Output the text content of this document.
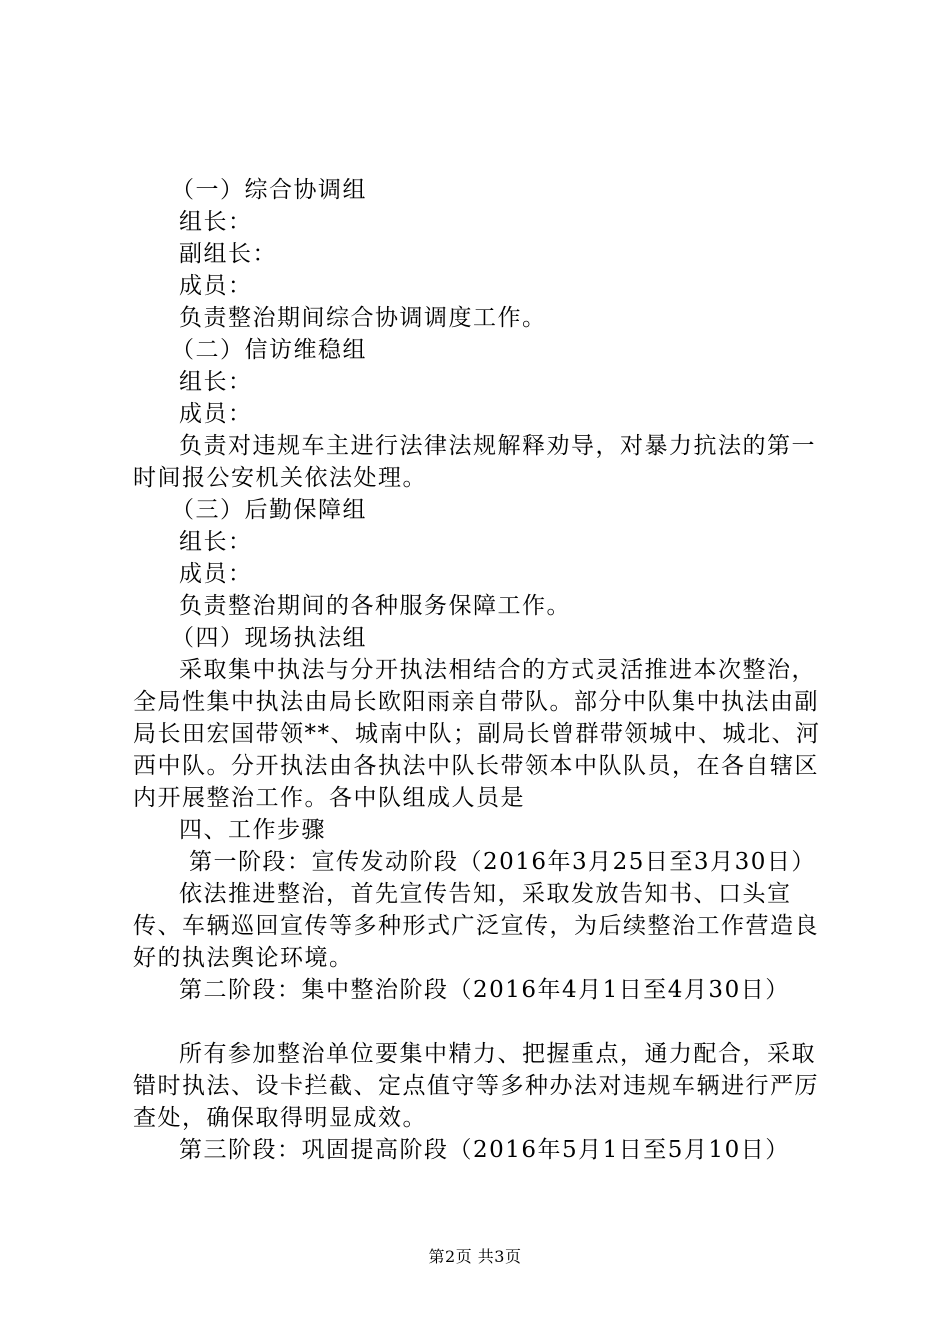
（一）综合协调组

组长：

副组长：

成员：

负责整治期间综合协调调度工作。

（二）信访维稳组

组长：

成员：

负责对违规车主进行法律法规解释劝导，对暴力抗法的第一时间报公安机关依法处理。

（三）后勤保障组

组长：

成员：

负责整治期间的各种服务保障工作。

（四）现场执法组

采取集中执法与分开执法相结合的方式灵活推进本次整治，全局性集中执法由局长欧阳雨亲自带队。部分中队集中执法由副局长田宏国带领**、城南中队；副局长曾群带领城中、城北、河西中队。分开执法由各执法中队长带领本中队队员，在各自辖区内开展整治工作。各中队组成人员是

四、工作步骤

第一阶段：宣传发动阶段（2016年3月25日至3月30日）

依法推进整治，首先宣传告知，采取发放告知书、口头宣传、车辆巡回宣传等多种形式广泛宣传，为后续整治工作营造良好的执法舆论环境。

第二阶段：集中整治阶段（2016年4月1日至4月30日）

所有参加整治单位要集中精力、把握重点，通力配合，采取错时执法、设卡拦截、定点值守等多种办法对违规车辆进行严厉查处，确保取得明显成效。

第三阶段：巩固提高阶段（2016年5月1日至5月10日）

第2页 共3页
